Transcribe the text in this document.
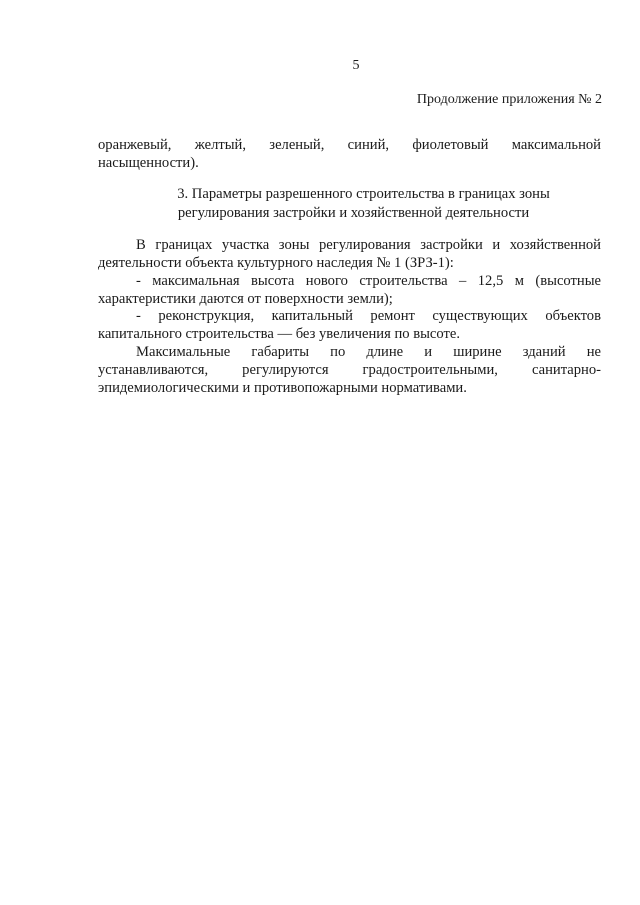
5
Продолжение приложения № 2
оранжевый, желтый, зеленый, синий, фиолетовый максимальной
насыщенности).
3. Параметры разрешенного строительства в границах зоны
регулирования застройки и хозяйственной деятельности
В границах участка зоны регулирования застройки и хозяйственной
деятельности объекта культурного наследия № 1 (ЗРЗ-1):
- максимальная высота нового строительства – 12,5 м (высотные
характеристики даются от поверхности земли);
- реконструкция, капитальный ремонт существующих объектов
капитального строительства — без увеличения по высоте.
Максимальные габариты по длине и ширине зданий не
устанавливаются, регулируются градостроительными, санитарно-
эпидемиологическими и противопожарными нормативами.
